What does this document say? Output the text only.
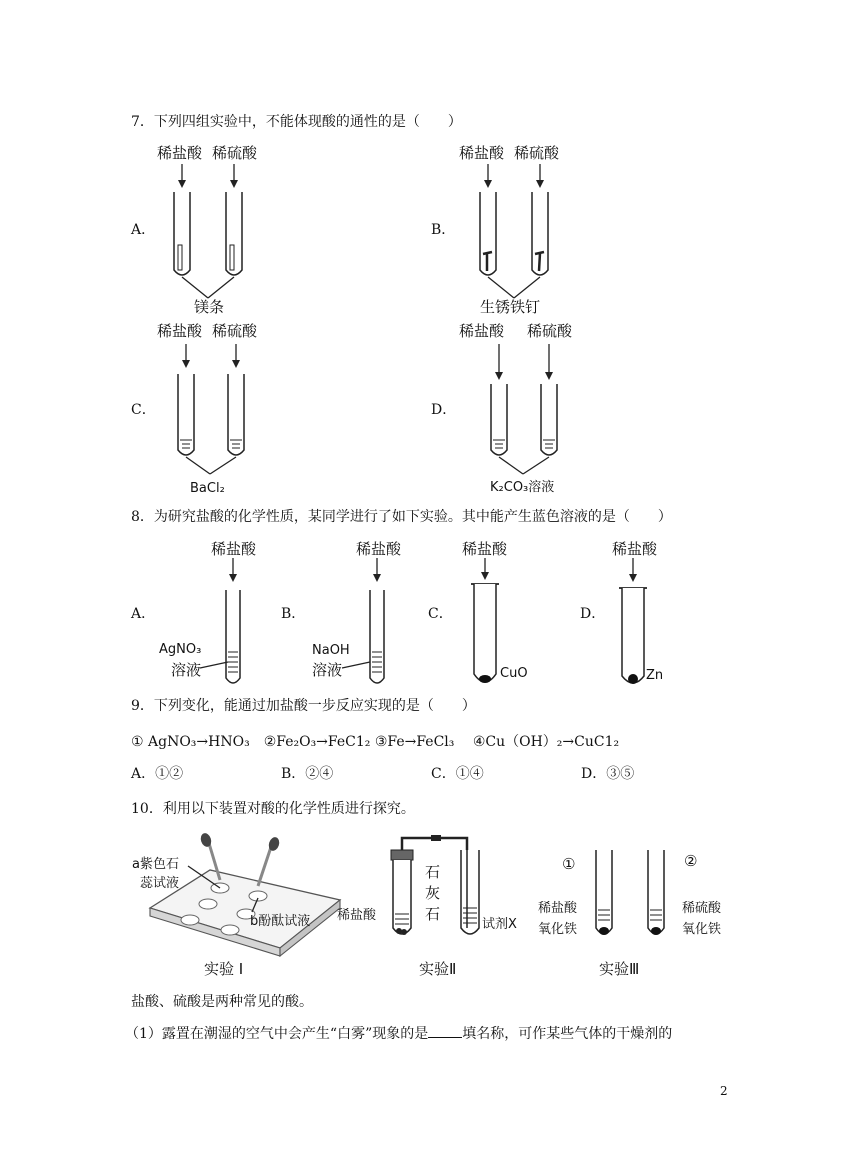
7．下列四组实验中，不能体现酸的通性的是（　　）
A．
稀盐酸 稀硫酸
镁条
B．
稀盐酸 稀硫酸
生锈铁钉
C．
稀盐酸 稀硫酸
BaCl₂
D．
稀盐酸 稀硫酸
K₂CO₃溶液
8．为研究盐酸的化学性质，某同学进行了如下实验。其中能产生蓝色溶液的是（　　）
A．
稀盐酸
AgNO₃
溶液
B．
稀盐酸
NaOH
溶液
C．
稀盐酸
CuO
D．
稀盐酸
Zn
9．下列变化，能通过加盐酸一步反应实现的是（　　）
① AgNO₃→HNO₃　②Fe₂O₃→FeC1₂ ③Fe→FeCl₃　 ④Cu（OH）₂→CuC1₂
A．①②	B．②④	C．①④	D．③⑤
10．利用以下装置对酸的化学性质进行探究。
a紫色石
蕊试液
b酚酞试液
实验 I
稀盐酸
石
灰
石
试剂X
实验Ⅱ
①	②
稀盐酸
氧化铁
稀硫酸
氧化铁
实验Ⅲ
盐酸、硫酸是两种常见的酸。
（1）露置在潮湿的空气中会产生“白雾”现象的是 填名称，可作某些气体的干燥剂的
2
